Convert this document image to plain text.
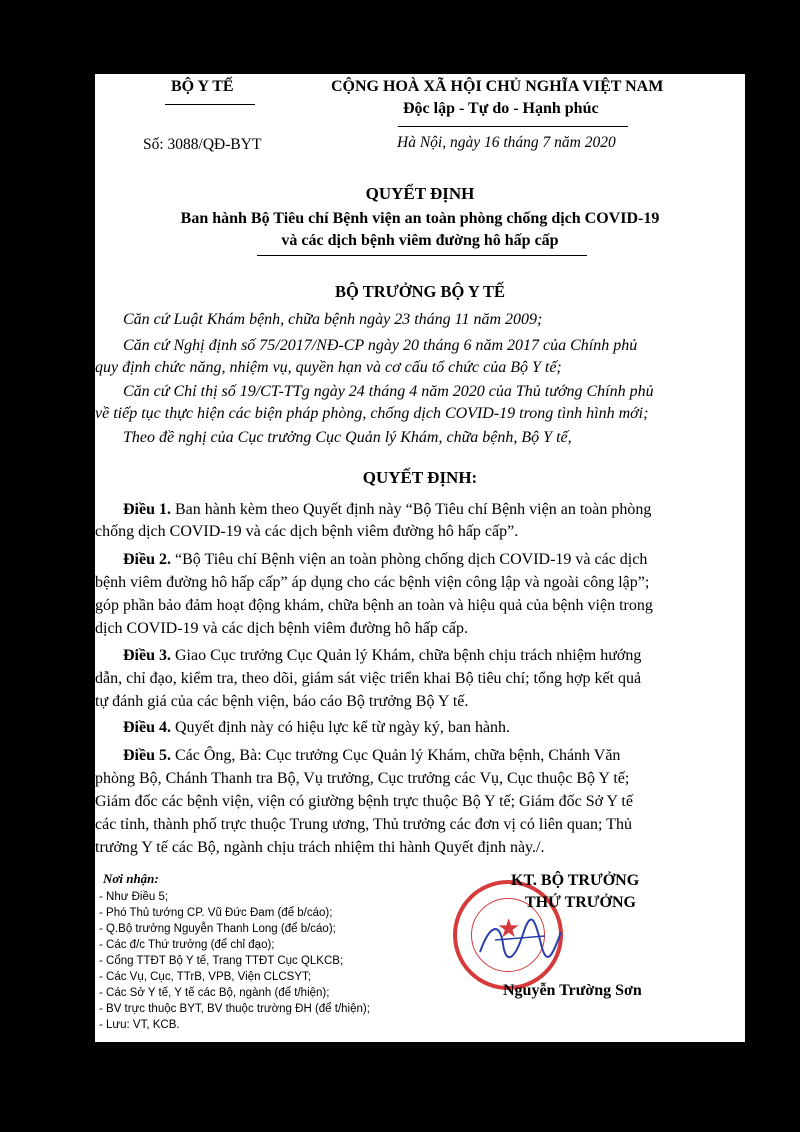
BỘ Y TẾ
Số: 3088/QĐ-BYT
CỘNG HOÀ XÃ HỘI CHỦ NGHĨA VIỆT NAM
Độc lập - Tự do - Hạnh phúc
Hà Nội, ngày 16 tháng 7 năm 2020
QUYẾT ĐỊNH
Ban hành Bộ Tiêu chí Bệnh viện an toàn phòng chống dịch COVID-19
và các dịch bệnh viêm đường hô hấp cấp
BỘ TRƯỞNG BỘ Y TẾ
Căn cứ Luật Khám bệnh, chữa bệnh ngày 23 tháng 11 năm 2009;
Căn cứ Nghị định số 75/2017/NĐ-CP ngày 20 tháng 6 năm 2017 của Chính phủ
quy định chức năng, nhiệm vụ, quyền hạn và cơ cấu tổ chức của Bộ Y tế;
Căn cứ Chỉ thị số 19/CT-TTg ngày 24 tháng 4 năm 2020 của Thủ tướng Chính phủ
về tiếp tục thực hiện các biện pháp phòng, chống dịch COVID-19 trong tình hình mới;
Theo đề nghị của Cục trưởng Cục Quản lý Khám, chữa bệnh, Bộ Y tế,
QUYẾT ĐỊNH:
Điều 1. Ban hành kèm theo Quyết định này “Bộ Tiêu chí Bệnh viện an toàn phòng
chống dịch COVID-19 và các dịch bệnh viêm đường hô hấp cấp”.
Điều 2. “Bộ Tiêu chí Bệnh viện an toàn phòng chống dịch COVID-19 và các dịch
bệnh viêm đường hô hấp cấp” áp dụng cho các bệnh viện công lập và ngoài công lập”;
góp phần bảo đảm hoạt động khám, chữa bệnh an toàn và hiệu quả của bệnh viện trong
dịch COVID-19 và các dịch bệnh viêm đường hô hấp cấp.
Điều 3. Giao Cục trưởng Cục Quản lý Khám, chữa bệnh chịu trách nhiệm hướng
dẫn, chỉ đạo, kiểm tra, theo dõi, giám sát việc triển khai Bộ tiêu chí; tổng hợp kết quả
tự đánh giá của các bệnh viện, báo cáo Bộ trưởng Bộ Y tế.
Điều 4. Quyết định này có hiệu lực kể từ ngày ký, ban hành.
Điều 5. Các Ông, Bà: Cục trưởng Cục Quản lý Khám, chữa bệnh, Chánh Văn
phòng Bộ, Chánh Thanh tra Bộ, Vụ trưởng, Cục trưởng các Vụ, Cục thuộc Bộ Y tế;
Giám đốc các bệnh viện, viện có giường bệnh trực thuộc Bộ Y tế; Giám đốc Sở Y tế
các tỉnh, thành phố trực thuộc Trung ương, Thủ trưởng các đơn vị có liên quan; Thủ
trưởng Y tế các Bộ, ngành chịu trách nhiệm thi hành Quyết định này./.
Nơi nhận:
- Như Điều 5;
- Phó Thủ tướng CP. Vũ Đức Đam (để b/cáo);
- Q.Bộ trưởng Nguyễn Thanh Long (để b/cáo);
- Các đ/c Thứ trưởng (để chỉ đạo);
- Cổng TTĐT Bộ Y tế, Trang TTĐT Cục QLKCB;
- Các Vụ, Cục, TTrB, VPB, Viện CLCSYT;
- Các Sở Y tế, Y tế các Bộ, ngành (để t/hiện);
- BV trực thuộc BYT, BV thuộc trường ĐH (để t/hiện);
- Lưu: VT, KCB.
★
KT. BỘ TRƯỞNG
THỨ TRƯỞNG
Nguyễn Trường Sơn
